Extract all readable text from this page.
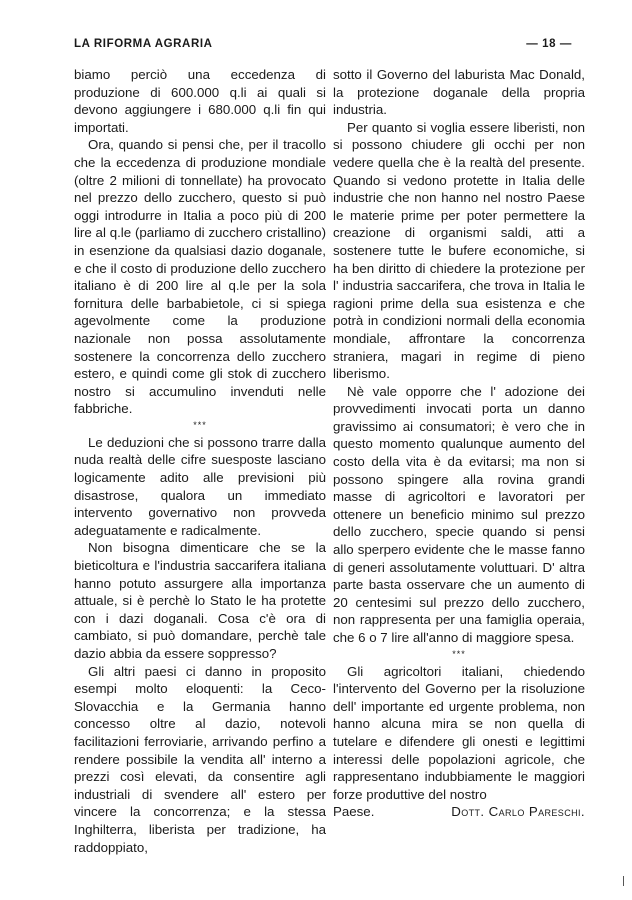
LA RIFORMA AGRARIA	— 18 —

biamo perciò una eccedenza di produzione di 600.000 q.li ai quali si devono aggiungere i 680.000 q.li fin qui importati.

Ora, quando si pensi che, per il tracollo che la eccedenza di produzione mondiale (oltre 2 milioni di tonnellate) ha provocato nel prezzo dello zucchero, questo si può oggi introdurre in Italia a poco più di 200 lire al q.le (parliamo di zucchero cristallino) in esenzione da qualsiasi dazio doganale, e che il costo di produzione dello zucchero italiano è di 200 lire al q.le per la sola fornitura delle barbabietole, ci si spiega agevolmente come la produzione nazionale non possa assolutamente sostenere la concorrenza dello zucchero estero, e quindi come gli stok di zucchero nostro si accumulino invenduti nelle fabbriche.

***

Le deduzioni che si possono trarre dalla nuda realtà delle cifre suesposte lasciano logicamente adito alle previsioni più disastrose, qualora un immediato intervento governativo non provveda adeguatamente e radicalmente.

Non bisogna dimenticare che se la bieticoltura e l'industria saccarifera italiana hanno potuto assurgere alla importanza attuale, si è perchè lo Stato le ha protette con i dazi doganali. Cosa c'è ora di cambiato, si può domandare, perchè tale dazio abbia da essere soppresso?

Gli altri paesi ci danno in proposito esempi molto eloquenti: la Ceco-Slovacchia e la Germania hanno concesso oltre al dazio, notevoli facilitazioni ferroviarie, arrivando perfino a rendere possibile la vendita all' interno a prezzi così elevati, da consentire agli industriali di svendere all' estero per vincere la concorrenza; e la stessa Inghilterra, liberista per tradizione, ha raddoppiato,

sotto il Governo del laburista Mac Donald, la protezione doganale della propria industria.

Per quanto si voglia essere liberisti, non si possono chiudere gli occhi per non vedere quella che è la realtà del presente. Quando si vedono protette in Italia delle industrie che non hanno nel nostro Paese le materie prime per poter permettere la creazione di organismi saldi, atti a sostenere tutte le bufere economiche, si ha ben diritto di chiedere la protezione per l' industria saccarifera, che trova in Italia le ragioni prime della sua esistenza e che potrà in condizioni normali della economia mondiale, affrontare la concorrenza straniera, magari in regime di pieno liberismo.

Nè vale opporre che l' adozione dei provvedimenti invocati porta un danno gravissimo ai consumatori; è vero che in questo momento qualunque aumento del costo della vita è da evitarsi; ma non si possono spingere alla rovina grandi masse di agricoltori e lavoratori per ottenere un beneficio minimo sul prezzo dello zucchero, specie quando si pensi allo sperpero evidente che le masse fanno di generi assolutamente voluttuari. D' altra parte basta osservare che un aumento di 20 centesimi sul prezzo dello zucchero, non rappresenta per una famiglia operaia, che 6 o 7 lire all'anno di maggiore spesa.

***

Gli agricoltori italiani, chiedendo l'intervento del Governo per la risoluzione dell' importante ed urgente problema, non hanno alcuna mira se non quella di tutelare e difendere gli onesti e legittimi interessi delle popolazioni agricole, che rappresentano indubbiamente le maggiori forze produttive del nostro

Paese.	Dott. Carlo Pareschi.
